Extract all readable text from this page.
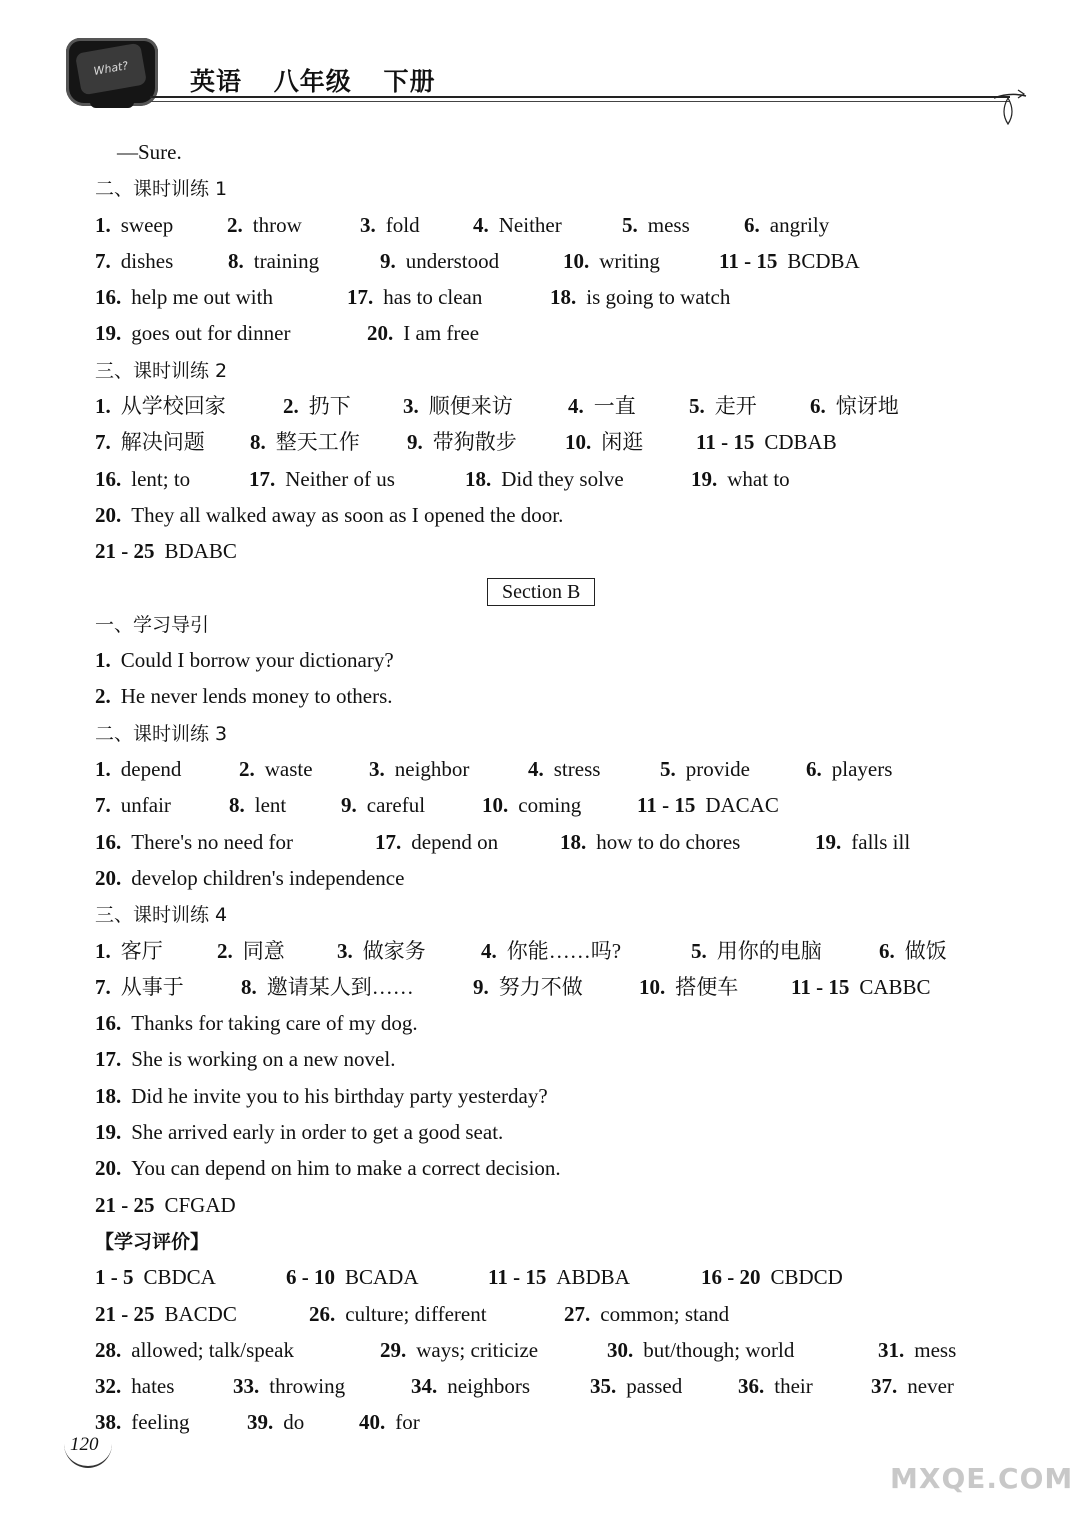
What?	英语 八年级 下册
—Sure.
二、课时训练 1
1. sweep	2. throw	3. fold	4. Neither	5. mess	6. angrily
7. dishes	8. training	9. understood	10. writing	11 - 15 BCDBA
16. help me out with	17. has to clean	18. is going to watch
19. goes out for dinner	20. I am free
三、课时训练 2
1. 从学校回家	2. 扔下 3. 顺便来访	4. 一直	5. 走开	6. 惊讶地
7. 解决问题 8. 整天工作 9. 带狗散步 10. 闲逛	11 - 15 CDBAB
16. lent; to	17. Neither of us	18. Did they solve	19. what to
20. They all walked away as soon as I opened the door.
21 - 25 BDABC
Section B
一、学习导引
1. Could I borrow your dictionary?
2. He never lends money to others.
二、课时训练 3
1. depend	2. waste	3. neighbor	4. stress	5. provide	6. players
7. unfair	8. lent	9. careful	10. coming	11 - 15 DACAC
16. There's no need for	17. depend on	18. how to do chores	19. falls ill
20. develop children's independence
三、课时训练 4
1. 客厅	2. 同意 3. 做家务	4. 你能……吗?	5. 用你的电脑	6. 做饭
7. 从事于	8. 邀请某人到……	9. 努力不做	10. 搭便车	11 - 15 CABBC
16. Thanks for taking care of my dog.
17. She is working on a new novel.
18. Did he invite you to his birthday party yesterday?
19. She arrived early in order to get a good seat.
20. You can depend on him to make a correct decision.
21 - 25 CFGAD
【学习评价】
1 - 5 CBDCA	6 - 10 BCADA	11 - 15 ABDBA	16 - 20 CBDCD
21 - 25 BACDC	26. culture; different	27. common; stand
28. allowed; talk/speak	29. ways; criticize	30. but/though; world	31. mess
32. hates	33. throwing	34. neighbors	35. passed	36. their	37. never
38. feeling	39. do	40. for
120
MXQE.COM
